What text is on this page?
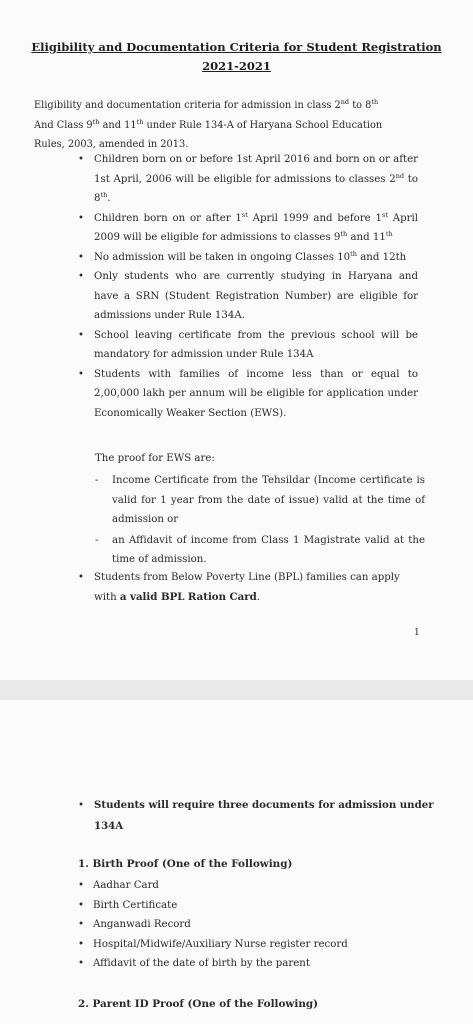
Eligibility and Documentation Criteria for Student Registration
2021-2021
Eligibility and documentation criteria for admission in class 2nd to 8th
And Class 9th and 11th under Rule 134-A of Haryana School Education
Rules, 2003, amended in 2013.
• Children born on or before 1st April 2016 and born on or after 1st April, 2006 will be eligible for admissions to classes 2nd to 8th.
• Children born on or after 1st April 1999 and before 1st April 2009 will be eligible for admissions to classes 9th and 11th
• No admission will be taken in ongoing Classes 10th and 12th
• Only students who are currently studying in Haryana and have a SRN (Student Registration Number) are eligible for admissions under Rule 134A.
• School leaving certificate from the previous school will be mandatory for admission under Rule 134A
• Students with families of income less than or equal to 2,00,000 lakh per annum will be eligible for application under Economically Weaker Section (EWS).
The proof for EWS are:
- Income Certificate from the Tehsildar (Income certificate is valid for 1 year from the date of issue) valid at the time of admission or
- an Affidavit of income from Class 1 Magistrate valid at the time of admission.
• Students from Below Poverty Line (BPL) families can apply with a valid BPL Ration Card.
1
• Students will require three documents for admission under 134A
1. Birth Proof (One of the Following)
• Aadhar Card
• Birth Certificate
• Anganwadi Record
• Hospital/Midwife/Auxiliary Nurse register record
• Affidavit of the date of birth by the parent
2. Parent ID Proof (One of the Following)
